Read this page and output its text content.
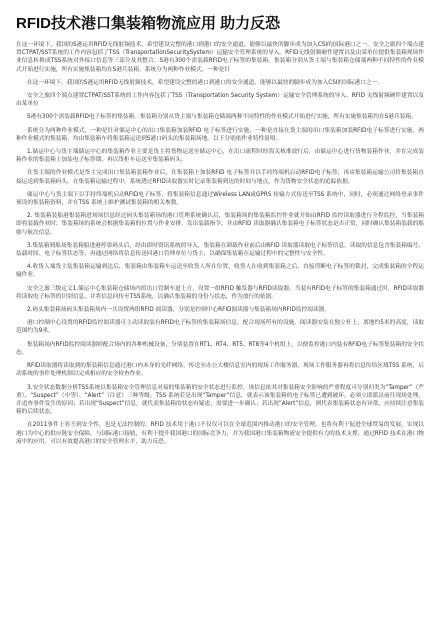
RFID技术港口集装箱物流应用 助力反恐

在这一环境下，我国的S港运用RFID无线射频技术，希望建设完整的港口到港口的安全通道，能够以最快的脚步成为加入CSI的国际港口之一。安全之旅四个端点建置CTPAT/SST系统的工作内容包括了TSS（TransportationSecuritySystem）运输安全管理系统的导入。RFID无线射频硬件建置以及由某单位提供集装箱现场作业信息转换成TSS系统对外接口信息等三部分及其整合。S港有300个需装载RFID电子标签的集装箱。集装箱分别从货主端与集装箱仓储端两种不同特性的作业模式开始进行实施，所有实施集装箱均在S港兵装箱。系统分为两种作业模式，一种是针

在这一环境下，我国的S港运用RFID无线射频技术，希望建设完整的港口到港口的安全通道，能够以最快的脚步成为加入CSI的国际港口之一。

安全之旅四个端点建置CTPAT/SST系统的工作内容包括了TSS（Transportation Security System）运输安全管理系统的导入、RFID 无线射频硬件建置以及由某单位

S港有300个需装载RFID电子标签的集装箱。集装箱分别从货主端与集装箱仓储端两种不同特性的作业模式开始进行实施，所有实施集装箱均在S港兵装箱。

系统分为两种作业模式，一种是针对储运中心的出口集装箱加装RFID 电子标签进行实施，一种是直接在货主端的出口集装箱加装RFID电子标签进行实施，两种作业模式的集装箱，均由集装箱车将集装箱运送到S港口码头的集装箱场地。以下分别依作业特性说明。

1.储运中心与货主端储运中心的集装箱作业主要是货主将货物运送至储运中心，在出口流程时经海关核准放行后，由储运中心进行货物装箱作业，并在完成装箱作业的集装箱上加装电子标签锁，再以货柜车运送至集装箱码头。

在货主端的作业模式是货主完成出口集装箱装箱作业后，在集装箱上加装RFID 电子标签并以手持终端机启动RFID电子标签，再由集装箱运输公司将集装箱直接运送到集装箱码头。在集装箱运输过程中，系统透过RFID读取器实时记录集装箱到达的时间与地点，作为货物安全状态的追踪依据。

储运中心与货主端下以手持终端机启动RFID电子标签，将集装箱信息通过Wireless LAN或GPRS 传输方式传送至TSS 系统中，同时，必须通过网络登录事件预设的集装箱资料，并在TSS 系统上维护测试集装箱的相关参数。

2. 集装箱装船港集装箱进场场信息经过码头集装箱场的港口管理系统确认后，集装箱场的集装箱监控作业就开始由RFID 监控读取器进行全程监控，当集装箱即将装载作业时，集装箱场的系统会根据集装箱的位置与作业安排，发出装载指令，并由RFID 读取器确认集装箱电子标签状态是否正常，同时确认集装箱装载的船舶与航次信息。

3.集装箱到船场集装箱船进港停靠码头后，经由即时资讯系统的导入，集装箱在卸载作业前后由RFID 读取器读取电子标签信息，读取的信息包含集装箱编号、装载时间、电子标签状态等，再通过网络将信息传送回港口管理单位与货主，以确保集装箱在运输过程中的完整性与安全性。

4.收货人端货主装集装箱运输到达后，集装箱由集装箱车运送至收货人所在位置，收货人在收到集装箱之后，直接剪断电子标签的锁封，完成集装箱的全程运输作业。

安全之旅三级定义1.储运中心集装箱仓储场内的出口管制车道上方，设置一组RFID 触发器与RFID读取器，当装有RFID电子标签的集装箱通过时，RFID读取器将读取电子标签的识别信息，并将信息回传至TSS系统，以确认集装箱的身份与状态，作为放行的依据。

2.码头集装箱场码头集装箱场内一共设置两组RFID 阅读器，分别是控制中心RFID阅读器与集装箱场内RFID监控阅读器。

港口控制中心设置的RFID监控阅读器可主动读取装有RFID电子标签的集装箱场信息，配合现场所有的设施，阅读器安装在独立杆上，离地约5米的高度，读取范围约为9米。

集装箱场内RFID监控阅读器则配合场内的各种机械设备，分别装置在RT1、RT4、RT5、RT8等4个机组上，以便监控港口内装有RFID电子标签集装箱的安全状态。

RFID读取器将读取到的集装箱信息通过港口内本身的光纤网络，传送至办公大楼信息室内的现场工作服务器，现场工作服务器再将信息传给区域TSS 系统，启动系统的事件处理机制以完成相应的安全检查作业。

3.安全状态数据分析TSS系统以集装箱安全管理信息对接的集装箱的安全状态进行监控，该信息依其对集装箱安全影响的严重程度可分别归类为“Tamper”（严重）、“Suspect”（中等）、“Alert”（注意）三种等级。TSS 系统若是出现“Tamper”信息，就表示该集装箱的电子标签已遭到破坏，必须立即派员前往现场处理，并追查事件发生的原因；若出现“Suspect”信息，就代表集装箱的状态有疑虑，需要进一步确认；若出现“Alert”信息，则代表集装箱状态有异常，应持续注意集装箱的后续状态。

在2011事件上看不到安全性，也是无法控制的。RFID 技术用于港口不仅仅可以在全球范围内推动港口的安全管理，也将有利于促进全球贸易的发展，实现以港口为中心的供应链安全保障，与国际港口接轨，有利于提升我国港口的国际竞争力，并为我国港口集装箱物流安全提供有力的技术支撑。通过RFID 技术在港口物流中的应用，可以有效提高港口的安全管理水平，助力反恐。
